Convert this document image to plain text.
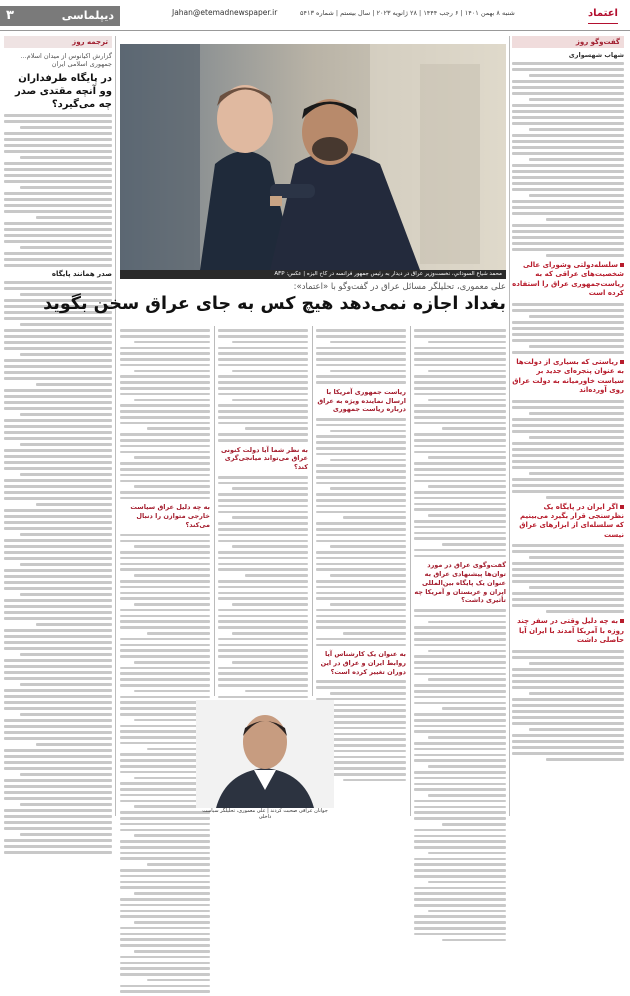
۳	دیپلماسی	Jahan@etemadnewspaper.ir	شنبه ۸ بهمن ۱۴۰۱ | ۶ رجب ۱۴۴۴ | ۲۸ ژانویه ۲۰۲۳ | سال بیستم | شماره ۵۴۱۳	اعتماد
گفت‌وگو روز
شهاب شهسواری
سلسله‌دولتی وشورای عالی شخصیت‌های عراقی که به ریاست‌جمهوری عراق را استفاده کرده است
ریاستی که بسیاری از دولت‌ها به عنوان پنجره‌ای جدید بر سیاست خاورمیانه به دولت عراق روی آورده‌اند
اگر ایران در پایگاه یک نظر‌سنجی قرار بگیرد می‌بینیم که سلسله‌ای از ابزارهای عراق نیست
به چه دلیل وقتی در سفر چند روزه با آمریکا آمدند با ایران آیا حاصلی داشت
ترجمه روز
گزارش اکیانوس از میدان اسلام... جمهوری اسلامی ایران
در پایگاه طرفداران وو آنچه مقتدی صدر چه می‌گیرد؟
صدر همانند پایگاه	محمد شیاع السوداني، نخست‌وزیر عراق در دیدار به رئیس جمهور فرانسه در کاخ الیزه | عکس: AFP
علی معموری، تحلیلگر مسائل عراق در گفت‌وگو با «اعتماد»:
بغداد اجازه نمی‌دهد هیچ کس به جای عراق سخن بگوید
گفت‌وگوی عراق در مورد توان‌ها پیشنهادی عراق به عنوان یک پایگاه بین‌المللی ایران و عربستان و آمریکا چه تأثیری داشت؟
ریاست جمهوری آمریکا با ارسال نماینده ویژه به عراق درباره ریاست جمهوری
به عنوان یک کارشناس آیا روابط ایران و عراق در این دوران تغییر کرده است؟
به نظر شما آیا دولت کنونی عراق می‌تواند میانجی‌گری کند؟
به چه دلیل عراق سیاست خارجی متوازن را دنبال می‌کند؟
جوانان عراقی صحبت کردند | علی معموری، تحلیلگر سیاست داخلی
